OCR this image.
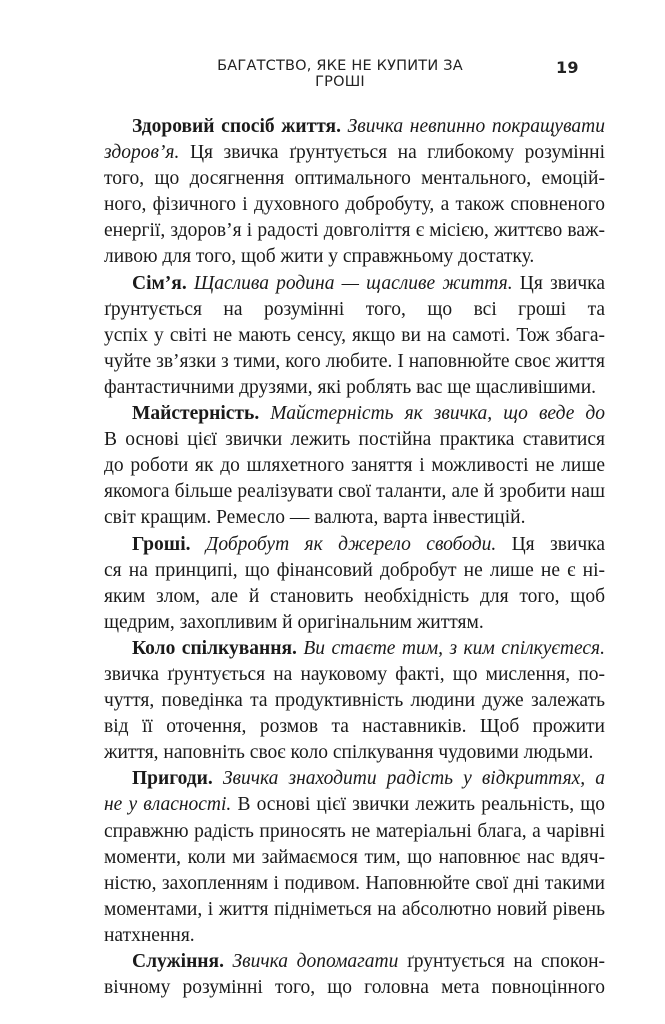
БАГАТСТВО, ЯКЕ НЕ КУПИТИ ЗА ГРОШІ
19
Здоровий спосіб життя. Звичка невпинно покращувати
здоров’я. Ця звичка ґрунтується на глибокому розумінні
того, що досягнення оптимального ментального, емоцій-
ного, фізичного і духовного добробуту, а також сповненого
енергії, здоров’я і радості довголіття є місією, життєво важ-
ливою для того, щоб жити у справжньому достатку.
Сім’я. Щаслива родина — щасливе життя. Ця звичка
ґрунтується на розумінні того, що всі гроші та
успіх у світі не мають сенсу, якщо ви на самоті. Тож збага-
чуйте зв’язки з тими, кого любите. І наповнюйте своє життя
фантастичними друзями, які роблять вас ще щасливішими.
Майстерність. Майстерність як звичка, що веде до
В основі цієї звички лежить постійна практика ставитися
до роботи як до шляхетного заняття і можливості не лише
якомога більше реалізувати свої таланти, але й зробити наш
світ кращим. Ремесло — валюта, варта інвестицій.
Гроші. Добробут як джерело свободи. Ця звичка
ся на принципі, що фінансовий добробут не лише не є ні-
яким злом, але й становить необхідність для того, щоб
щедрим, захопливим й оригінальним життям.
Коло спілкування. Ви стаєте тим, з ким спілкуєтеся.
звичка ґрунтується на науковому факті, що мислення, по-
чуття, поведінка та продуктивність людини дуже залежать
від її оточення, розмов та наставників. Щоб прожити
життя, наповніть своє коло спілкування чудовими людьми.
Пригоди. Звичка знаходити радість у відкриттях, а
не у власності. В основі цієї звички лежить реальність, що
справжню радість приносять не матеріальні блага, а чарівні
моменти, коли ми займаємося тим, що наповнює нас вдяч-
ністю, захопленням і подивом. Наповнюйте свої дні такими
моментами, і життя підніметься на абсолютно новий рівень
натхнення.
Служіння. Звичка допомагати ґрунтується на спокон-
вічному розумінні того, що головна мета повноцінного
